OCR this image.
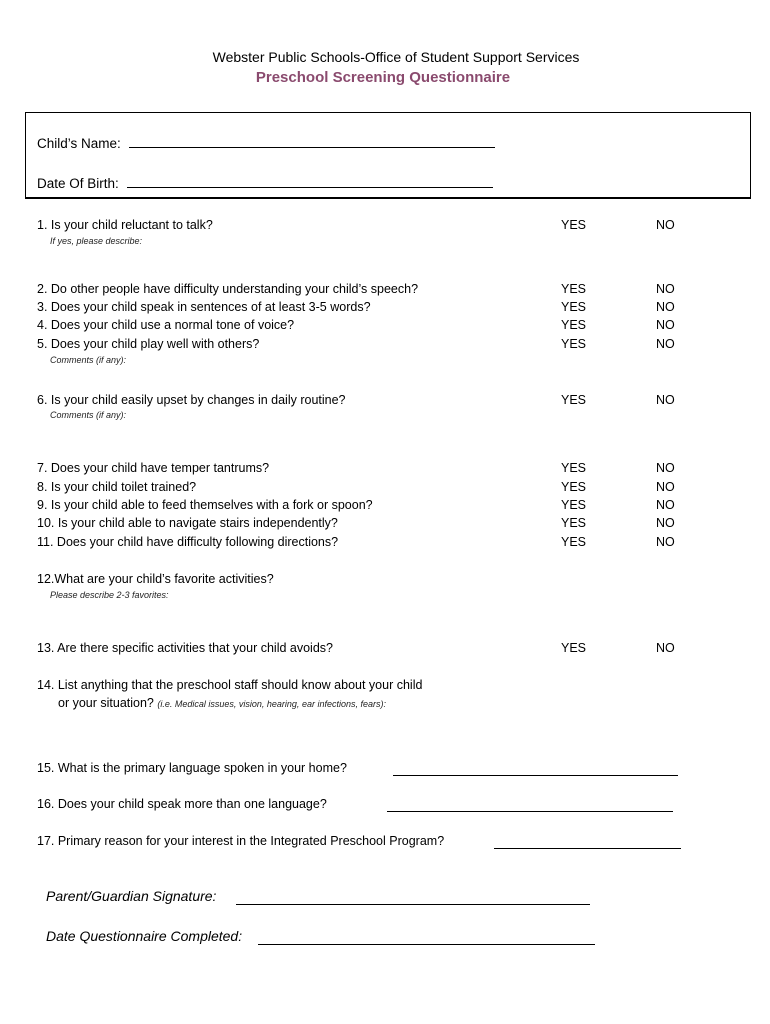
Webster Public Schools-Office of Student Support Services
Preschool Screening Questionnaire
Child’s Name:
Date Of Birth:
1. Is your child reluctant to talk?	YES	NO
If yes, please describe:
2. Do other people have difficulty understanding your child’s speech?	YES	NO
3. Does your child speak in sentences of at least 3-5 words?	YES	NO
4. Does your child use a normal tone of voice?	YES	NO
5. Does your child play well with others?	YES	NO
Comments (if any):
6. Is your child easily upset by changes in daily routine?	YES	NO
Comments (if any):
7. Does your child have temper tantrums?	YES	NO
8. Is your child toilet trained?	YES	NO
9. Is your child able to feed themselves with a fork or spoon?	YES	NO
10. Is your child able to navigate stairs independently?	YES	NO
11. Does your child have difficulty following directions?	YES	NO
12.What are your child’s favorite activities?
Please describe 2-3 favorites:
13. Are there specific activities that your child avoids?	YES	NO
14. List anything that the preschool staff should know about your child
or your situation? (i.e. Medical issues, vision, hearing, ear infections, fears):
15. What is the primary language spoken in your home?
16. Does your child speak more than one language?
17. Primary reason for your interest in the Integrated Preschool Program?
Parent/Guardian Signature:
Date Questionnaire Completed:
